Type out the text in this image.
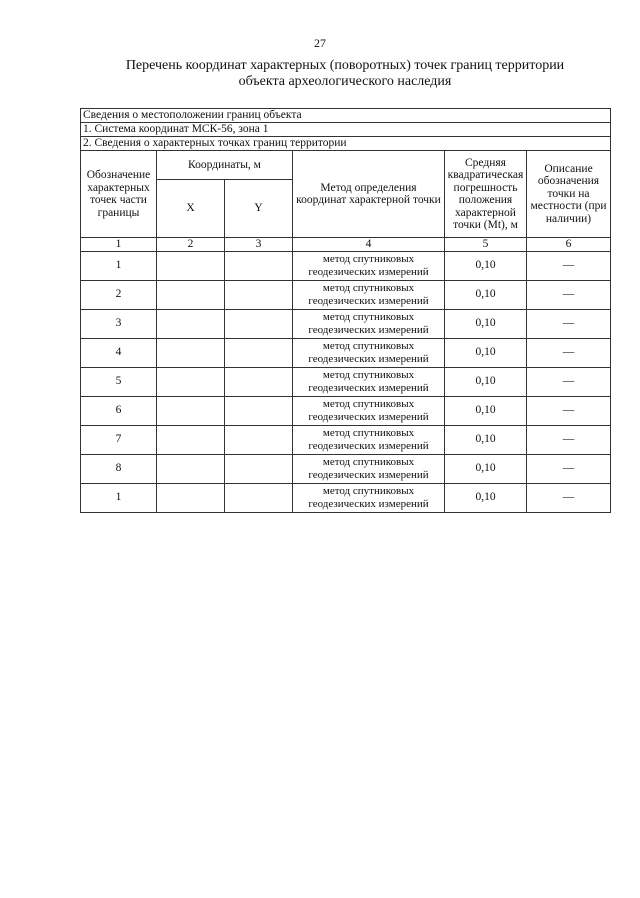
27
Перечень координат характерных (поворотных) точек границ территории
объекта археологического наследия
Сведения о местоположении границ объекта					
1. Система координат МСК-56, зона 1					
2. Сведения о характерных точках границ территории					
Обозначение характерных точек части границы	Координаты, м		Метод определения координат характерной точки	Средняя квадратическая погрешность положения характерной точки (Mt), м	Описание обозначения точки на местности (при наличии)
	X	Y			
1	2	3	4	5	6
1			метод спутниковых
геодезических измерений	0,10	—
2			метод спутниковых
геодезических измерений	0,10	—
3			метод спутниковых
геодезических измерений	0,10	—
4			метод спутниковых
геодезических измерений	0,10	—
5			метод спутниковых
геодезических измерений	0,10	—
6			метод спутниковых
геодезических измерений	0,10	—
7			метод спутниковых
геодезических измерений	0,10	—
8			метод спутниковых
геодезических измерений	0,10	—
1			метод спутниковых
геодезических измерений	0,10	—
